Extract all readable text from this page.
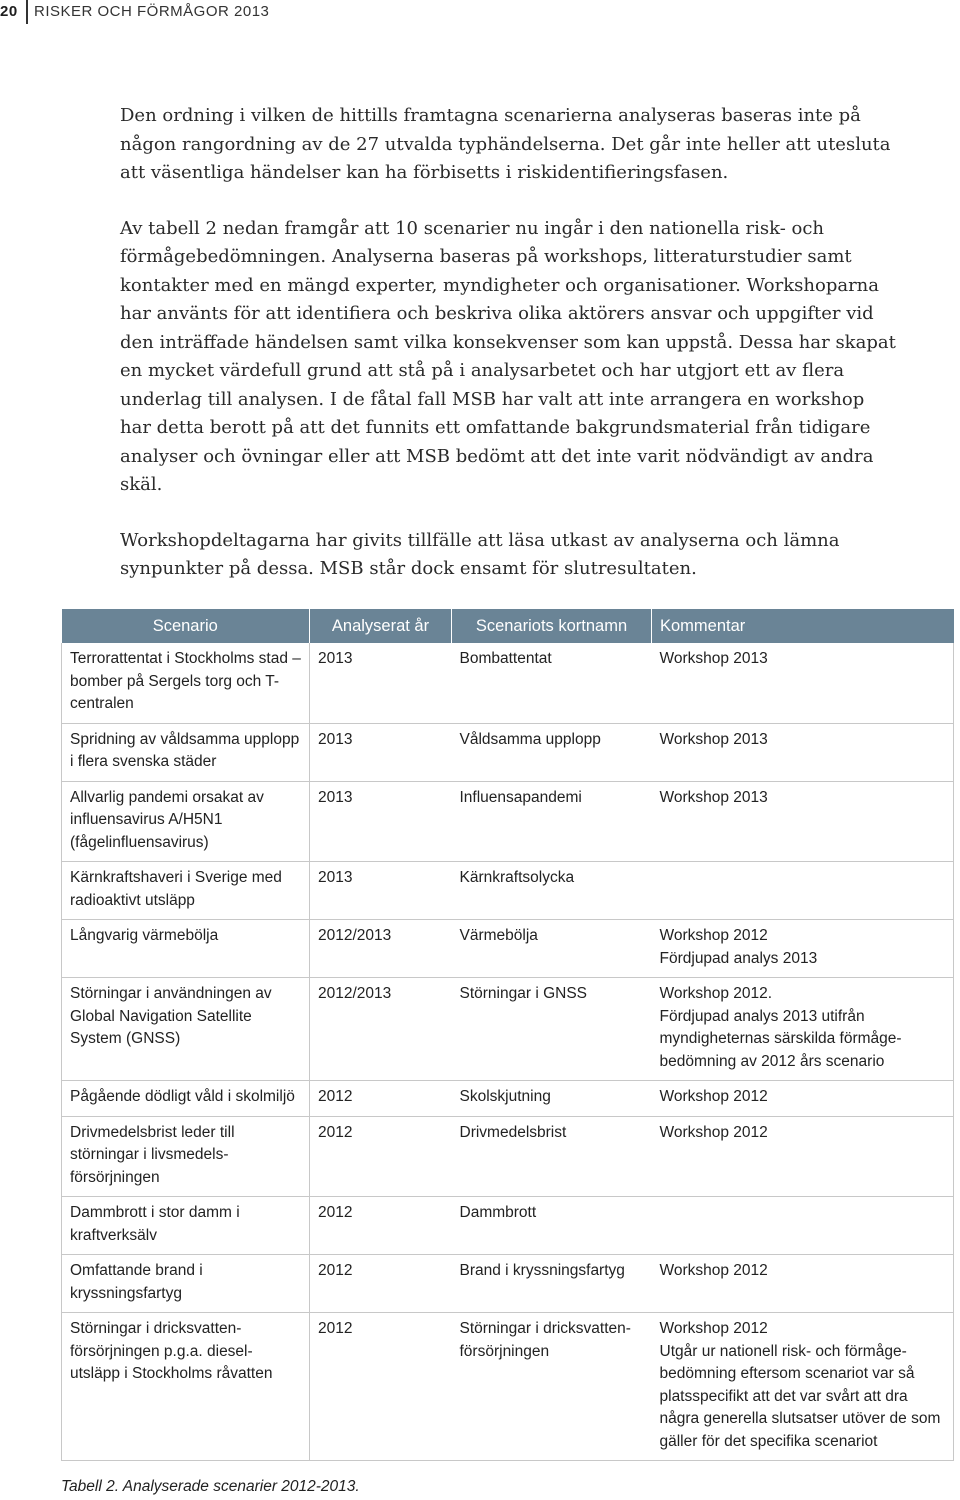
20 RISKER OCH FÖRMÅGOR 2013

Den ordning i vilken de hittills framtagna scenarierna analyseras baseras inte på någon rangordning av de 27 utvalda typhändelserna. Det går inte heller att utesluta att väsentliga händelser kan ha förbisetts i riskidentifieringsfasen.

Av tabell 2 nedan framgår att 10 scenarier nu ingår i den nationella risk- och förmågebedömningen. Analyserna baseras på workshops, litteraturstudier samt kontakter med en mängd experter, myndigheter och organisationer. Workshoparna har använts för att identifiera och beskriva olika aktörers ansvar och uppgifter vid den inträffade händelsen samt vilka konsekvenser som kan uppstå. Dessa har skapat en mycket värdefull grund att stå på i analysarbetet och har utgjort ett av flera underlag till analysen. I de fåtal fall MSB har valt att inte arrangera en workshop har detta berott på att det funnits ett omfattande bakgrundsmaterial från tidigare analyser och övningar eller att MSB bedömt att det inte varit nödvändigt av andra skäl.

Workshopdeltagarna har givits tillfälle att läsa utkast av analyserna och lämna synpunkter på dessa. MSB står dock ensamt för slutresultaten.

Scenario	Analyserat år	Scenariots kortnamn	Kommentar
Terrorattentat i Stockholms stad – bomber på Sergels torg och T-centralen	2013	Bombattentat	Workshop 2013
Spridning av våldsamma upplopp i flera svenska städer	2013	Våldsamma upplopp	Workshop 2013
Allvarlig pandemi orsakat av influensavirus A/H5N1 (fågelinfluensavirus)	2013	Influensapandemi	Workshop 2013
Kärnkraftshaveri i Sverige med radioaktivt utsläpp	2013	Kärnkraftsolycka	
Långvarig värmebölja	2012/2013	Värmebölja	Workshop 2012
Fördjupad analys 2013
Störningar i användningen av Global Navigation Satellite System (GNSS)	2012/2013	Störningar i GNSS	Workshop 2012.
Fördjupad analys 2013 utifrån myndigheternas särskilda förmåge-bedömning av 2012 års scenario
Pågående dödligt våld i skolmiljö	2012	Skolskjutning	Workshop 2012
Drivmedelsbrist leder till störningar i livsmedels-försörjningen	2012	Drivmedelsbrist	Workshop 2012
Dammbrott i stor damm i kraftverksälv	2012	Dammbrott	
Omfattande brand i kryssningsfartyg	2012	Brand i kryssningsfartyg	Workshop 2012
Störningar i dricksvatten-försörjningen p.g.a. diesel-utsläpp i Stockholms råvatten	2012	Störningar i dricksvatten-försörjningen	Workshop 2012
Utgår ur nationell risk- och förmåge-bedömning eftersom scenariot var så platsspecifikt att det var svårt att dra några generella slutsatser utöver de som gäller för det specifika scenariot
Tabell 2. Analyserade scenarier 2012-2013.
